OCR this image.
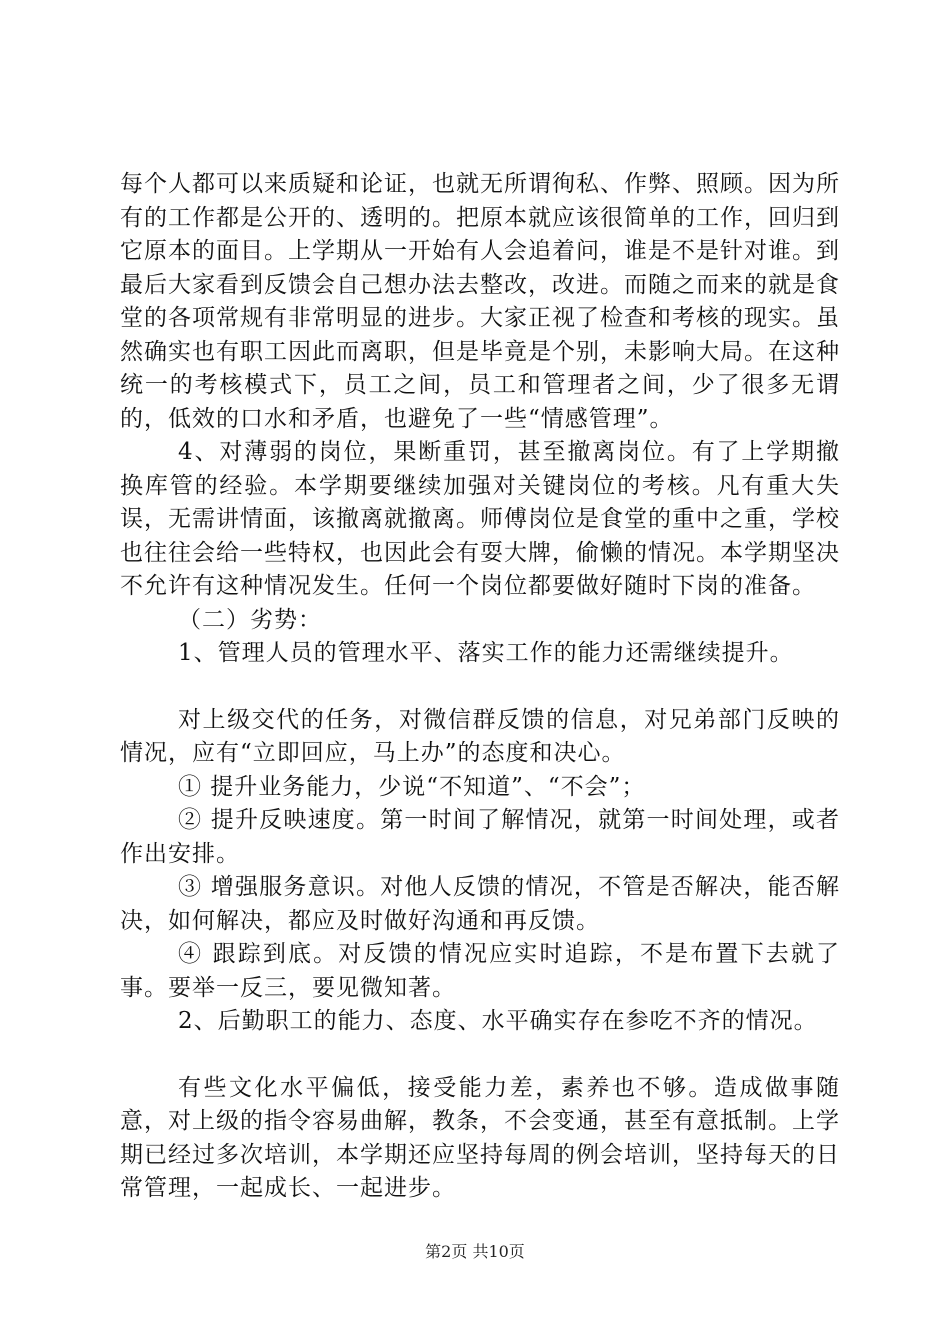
每个人都可以来质疑和论证，也就无所谓徇私、作弊、照顾。因为所有的工作都是公开的、透明的。把原本就应该很简单的工作，回归到它原本的面目。上学期从一开始有人会追着问，谁是不是针对谁。到最后大家看到反馈会自己想办法去整改，改进。而随之而来的就是食堂的各项常规有非常明显的进步。大家正视了检查和考核的现实。虽然确实也有职工因此而离职，但是毕竟是个别，未影响大局。在这种统一的考核模式下，员工之间，员工和管理者之间，少了很多无谓的，低效的口水和矛盾，也避免了一些“情感管理”。

4、对薄弱的岗位，果断重罚，甚至撤离岗位。有了上学期撤换库管的经验。本学期要继续加强对关键岗位的考核。凡有重大失误，无需讲情面，该撤离就撤离。师傅岗位是食堂的重中之重，学校也往往会给一些特权，也因此会有耍大牌，偷懒的情况。本学期坚决不允许有这种情况发生。任何一个岗位都要做好随时下岗的准备。

（二）劣势：

1、管理人员的管理水平、落实工作的能力还需继续提升。

对上级交代的任务，对微信群反馈的信息，对兄弟部门反映的情况，应有“立即回应，马上办”的态度和决心。

① 提升业务能力，少说“不知道”、“不会”；

② 提升反映速度。第一时间了解情况，就第一时间处理，或者作出安排。

③ 增强服务意识。对他人反馈的情况，不管是否解决，能否解决，如何解决，都应及时做好沟通和再反馈。

④ 跟踪到底。对反馈的情况应实时追踪，不是布置下去就了事。要举一反三，要见微知著。

2、后勤职工的能力、态度、水平确实存在参吃不齐的情况。

有些文化水平偏低，接受能力差，素养也不够。造成做事随意，对上级的指令容易曲解，教条，不会变通，甚至有意抵制。上学期已经过多次培训，本学期还应坚持每周的例会培训，坚持每天的日常管理，一起成长、一起进步。

第2页 共10页
